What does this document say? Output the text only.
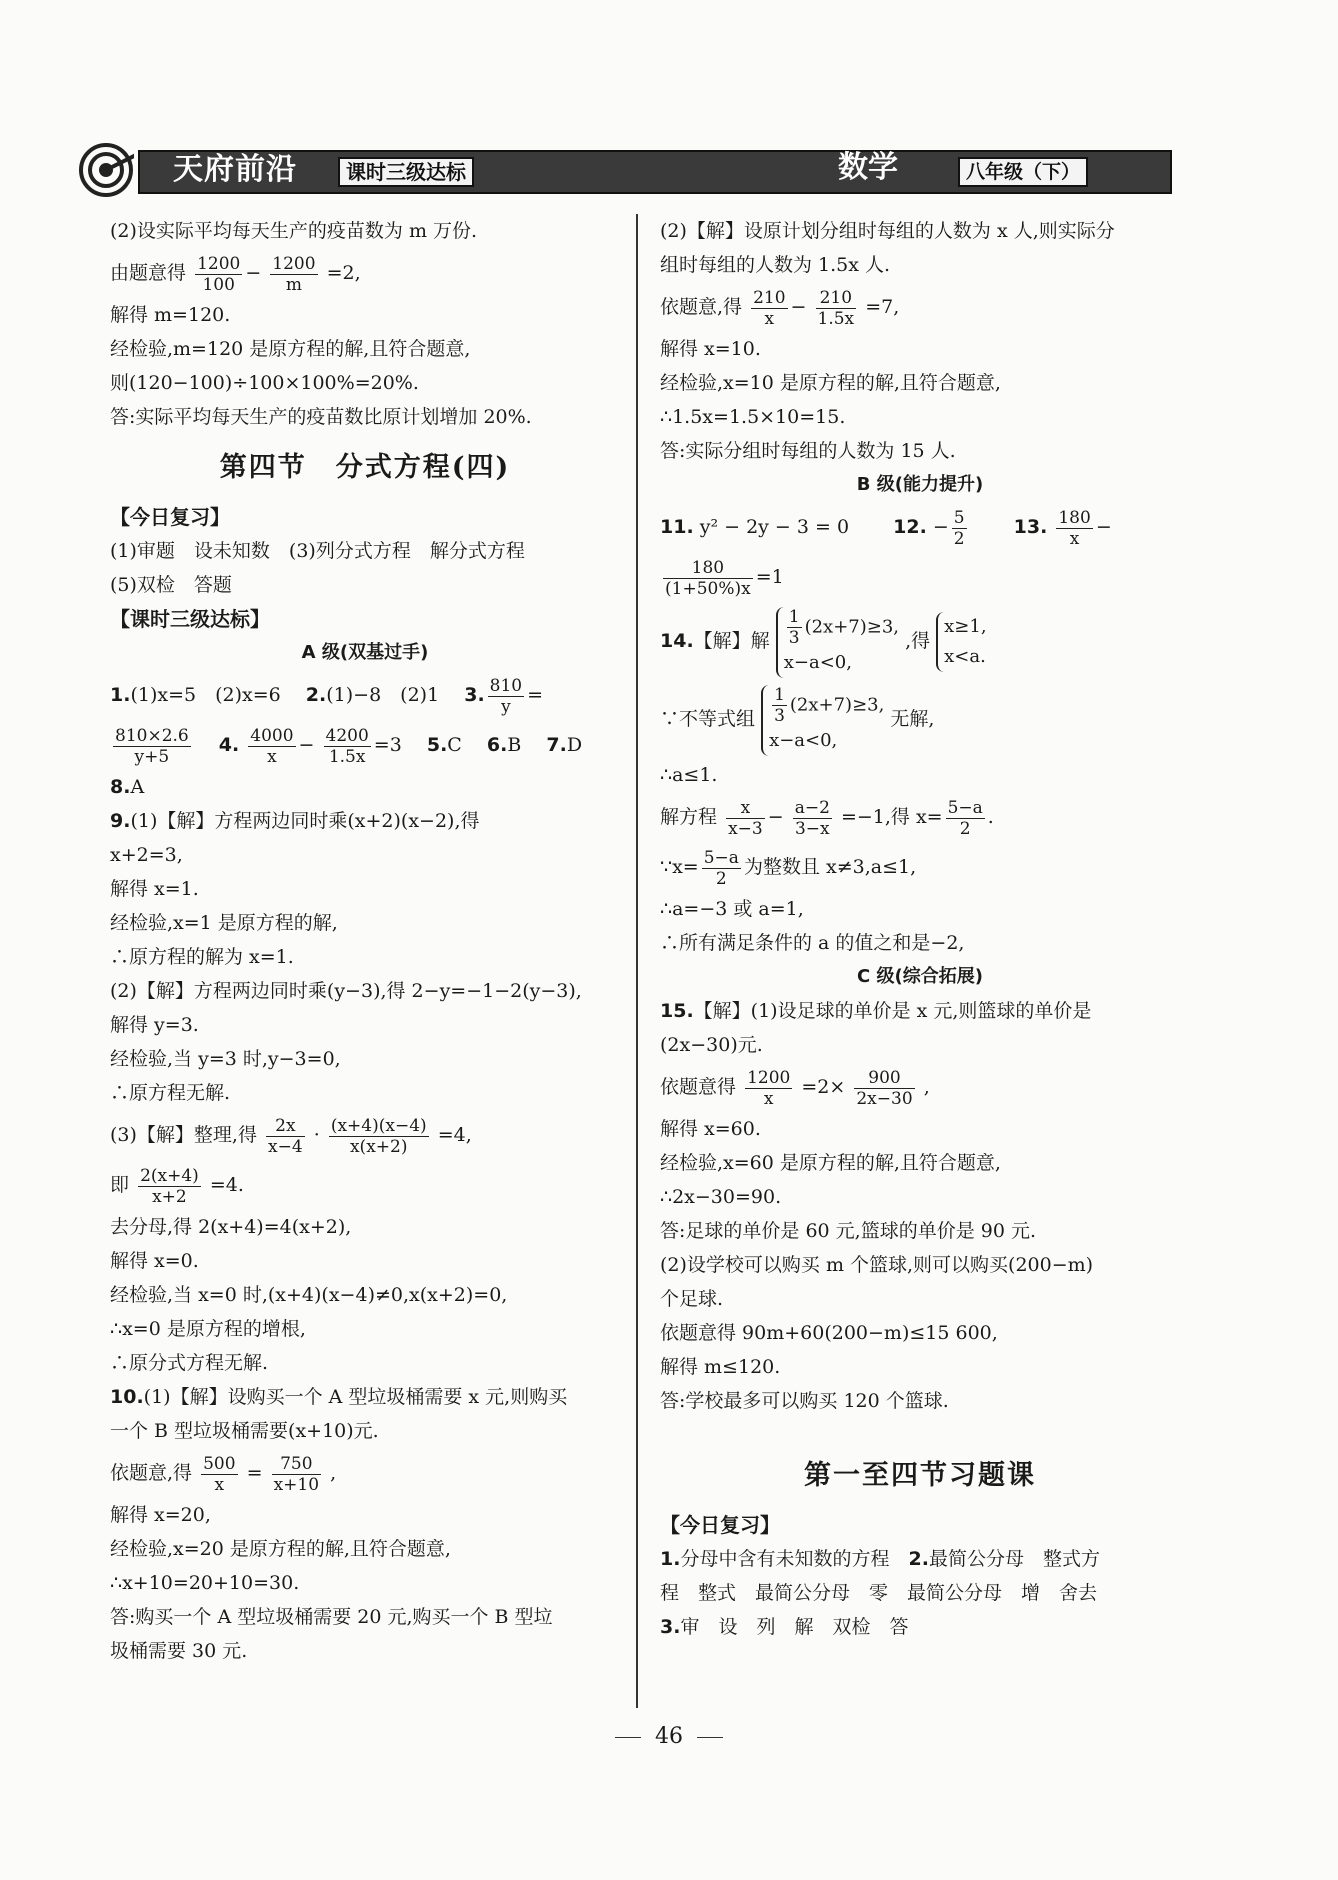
天府前沿	课时三级达标	数学	八年级（下）

(2)设实际平均每天生产的疫苗数为 m 万份.

由题意得 $\frac{1200}{100} - \frac{1200}{m} =2$,

解得 m=120.

经检验,m=120 是原方程的解,且符合题意,

则(120−100)÷100×100%=20%.

答:实际平均每天生产的疫苗数比原计划增加 20%.

第四节　分式方程(四)
【今日复习】

(1)审题　设未知数　(3)列分式方程　解分式方程

(5)双检　答题

【课时三级达标】
A 级(双基过手)

1.(1)x=5　(2)x=6　 2.(1)−8　(2)1　 3. $\frac{810}{y}$ =

$\frac{810\times 2.6}{y+5}$
　 4. $\frac{4000}{x} - \frac{4200}{1.5x} =3$　 5.C　 6.B　 7.D

8.A

9.(1)【解】方程两边同时乘(x+2)(x−2),得

x+2=3,

解得 x=1.

经检验,x=1 是原方程的解,

∴原方程的解为 x=1.

(2)【解】方程两边同时乘(y−3),得 2−y=−1−2(y−3),

解得 y=3.

经检验,当 y=3 时,y−3=0,

∴原方程无解.

(3)【解】整理,得 $\frac{2x}{x-4} \cdot \frac{(x+4)(x-4)}{x(x+2)} =4$,

即 $\frac{2(x+4)}{x+2} =4$.

去分母,得 2(x+4)=4(x+2),

解得 x=0.

经检验,当 x=0 时,(x+4)(x−4)≠0,x(x+2)=0,

∴x=0 是原方程的增根,

∴原分式方程无解.

10.(1)【解】设购买一个 A 型垃圾桶需要 x 元,则购买

一个 B 型垃圾桶需要(x+10)元.

依题意,得 $\frac{500}{x} = \frac{750}{x+10}$ ,

解得 x=20,

经检验,x=20 是原方程的解,且符合题意,

∴x+10=20+10=30.

答:购买一个 A 型垃圾桶需要 20 元,购买一个 B 型垃

圾桶需要 30 元.

(2)【解】设原计划分组时每组的人数为 x 人,则实际分

组时每组的人数为 1.5x 人.

依题意,得 $\frac{210}{x} - \frac{210}{1.5x} =7$,

解得 x=10.

经检验,x=10 是原方程的解,且符合题意,

∴1.5x=1.5×10=15.

答:实际分组时每组的人数为 15 人.

B 级(能力提升)

11. y² − 2y − 3 = 0　　 12. − $\frac{5}{2}$
　　 13. $\frac{180}{x}$ −

$\frac{180}{(1+50\%)x} =1$

14.【解】解 $\frac{1}{3} (2x+7)\ge 3$,
x−a<0,
,得
x≥1,
x<a.

∵不等式组 $\frac{1}{3} (2x+7)\ge 3$,
x−a<0,
无解,

∴a≤1.

解方程 $\frac{x}{x-3} - \frac{a-2}{3-x} =-1$,得 $x= \frac{5-a}{2}$ .

∵x= $\frac{5-a}{2}$ 为整数且 x≠3,a≤1,

∴a=−3 或 a=1,

∴所有满足条件的 a 的值之和是−2,

C 级(综合拓展)

15.【解】(1)设足球的单价是 x 元,则篮球的单价是

(2x−30)元.

依题意得 $\frac{1200}{x} =2\times \frac{900}{2x-30}$ ,

解得 x=60.

经检验,x=60 是原方程的解,且符合题意,

∴2x−30=90.

答:足球的单价是 60 元,篮球的单价是 90 元.

(2)设学校可以购买 m 个篮球,则可以购买(200−m)

个足球.

依题意得 90m+60(200−m)≤15 600,

解得 m≤120.

答:学校最多可以购买 120 个篮球.

第一至四节习题课
【今日复习】

1.分母中含有未知数的方程　 2.最简公分母　整式方

程　整式　最简公分母　零　最简公分母　增　舍去

3.审　设　列　解　双检　答

46
